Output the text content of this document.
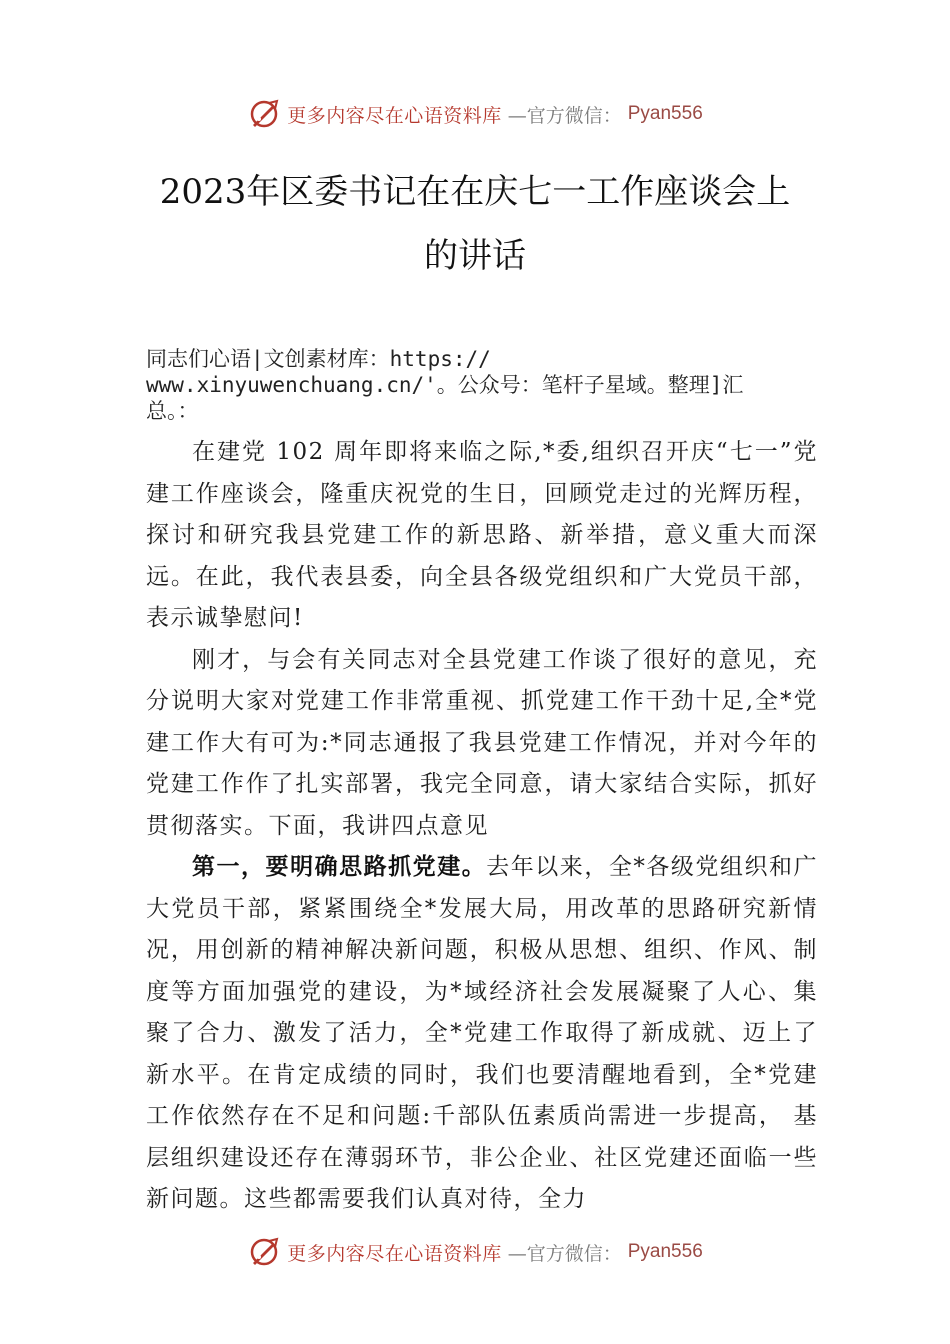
更多内容尽在心语资料库 —官方微信： Pyan556
2023年区委书记在在庆七一工作座谈会上
的讲话

同志们心语|文创素材库：https://
www.xinyuwenchuang.cn/'。公众号：笔杆子星域。整理]汇
总。：

在建党 102 周年即将来临之际,*委,组织召开庆“七一”党建工作座谈会，隆重庆祝党的生日，回顾党走过的光辉历程，探讨和研究我县党建工作的新思路、新举措，意义重大而深远。在此，我代表县委，向全县各级党组织和广大党员干部，表示诚挚慰问!

刚才，与会有关同志对全县党建工作谈了很好的意见，充分说明大家对党建工作非常重视、抓党建工作干劲十足,全*党建工作大有可为:*同志通报了我县党建工作情况，并对今年的党建工作作了扎实部署，我完全同意，请大家结合实际，抓好贯彻落实。下面，我讲四点意见

第一，要明确思路抓党建。去年以来，全*各级党组织和广大党员干部，紧紧围绕全*发展大局，用改革的思路研究新情况，用创新的精神解决新问题，积极从思想、组织、作风、制度等方面加强党的建设，为*域经济社会发展凝聚了人心、集聚了合力、激发了活力，全*党建工作取得了新成就、迈上了新水平。在肯定成绩的同时，我们也要清醒地看到，全*党建工作依然存在不足和问题:千部队伍素质尚需进一步提高， 基层组织建设还存在薄弱环节，非公企业、社区党建还面临一些新问题。这些都需要我们认真对待，全力

更多内容尽在心语资料库 —官方微信： Pyan556
